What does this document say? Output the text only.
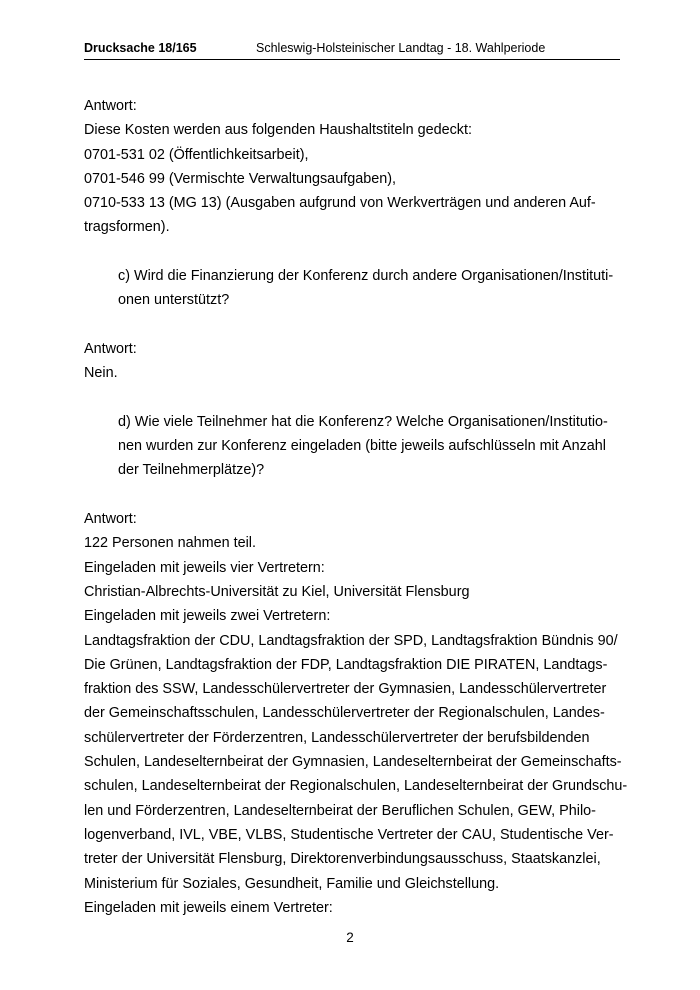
Drucksache 18/165	Schleswig-Holsteinischer Landtag - 18. Wahlperiode
Antwort:
Diese Kosten werden aus folgenden Haushaltstiteln gedeckt:
0701-531 02 (Öffentlichkeitsarbeit),
0701-546 99 (Vermischte Verwaltungsaufgaben),
0710-533 13 (MG 13) (Ausgaben aufgrund von Werkverträgen und anderen Auf-
tragsformen).
c) Wird die Finanzierung der Konferenz durch andere Organisationen/Instituti-
onen unterstützt?
Antwort:
Nein.
d) Wie viele Teilnehmer hat die Konferenz? Welche Organisationen/Institutio-
nen wurden zur Konferenz eingeladen (bitte jeweils aufschlüsseln mit Anzahl
der Teilnehmerplätze)?
Antwort:
122 Personen nahmen teil.
Eingeladen mit jeweils vier Vertretern:
Christian-Albrechts-Universität zu Kiel, Universität Flensburg
Eingeladen mit jeweils zwei Vertretern:
Landtagsfraktion der CDU, Landtagsfraktion der SPD, Landtagsfraktion Bündnis 90/
Die Grünen, Landtagsfraktion der FDP, Landtagsfraktion DIE PIRATEN, Landtags-
fraktion des SSW, Landesschülervertreter der Gymnasien, Landesschülervertreter
der Gemeinschaftsschulen, Landesschülervertreter der Regionalschulen, Landes-
schülervertreter der Förderzentren, Landesschülervertreter der berufsbildenden
Schulen, Landeselternbeirat der Gymnasien, Landeselternbeirat der Gemeinschafts-
schulen, Landeselternbeirat der Regionalschulen, Landeselternbeirat der Grundschu-
len und Förderzentren, Landeselternbeirat der Beruflichen Schulen, GEW, Philo-
logenverband, IVL, VBE, VLBS, Studentische Vertreter der CAU, Studentische Ver-
treter der Universität Flensburg, Direktorenverbindungsausschuss, Staatskanzlei,
Ministerium für Soziales, Gesundheit, Familie und Gleichstellung.
Eingeladen mit jeweils einem Vertreter:
2
